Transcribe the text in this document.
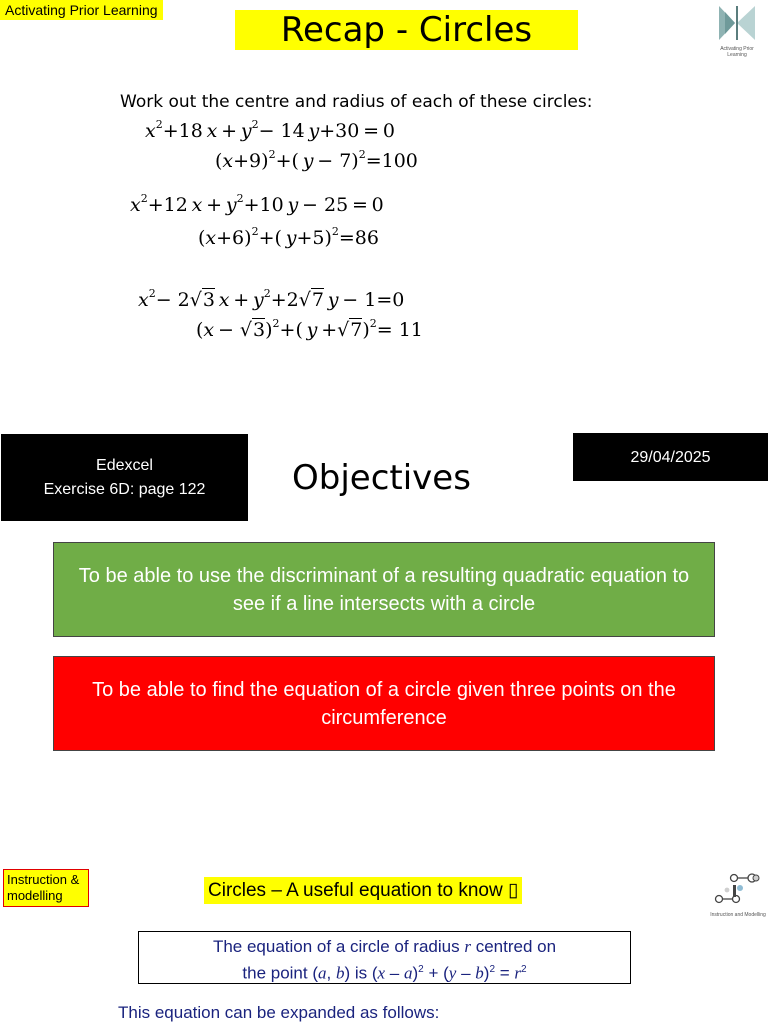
Activating Prior Learning	Recap - Circles	Activating Prior Learning
Work out the centre and radius of each of these circles:
$x^2+18$  $x + y^2- 14$  y+30 = 0
$(x+9)^2+$(  y  − 7)$^2$=100
$x^2+12$  $x + y^2+10$  y  − 25 = 0
$(x+6)^2+$(  y+5)$^2$=86
$x^2- 2√3$  $x + y^2+2√7$  y  − 1=0
$(x - √3)^2+$(  y  +√7)$^2$= 11
Edexcel
Exercise 6D: page 122	Objectives
29/04/2025
To be able to use the discriminant of a resulting quadratic equation to see if a line intersects with a circle
To be able to find the equation of a circle given three points on the circumference
Instruction & modelling	Circles – A useful equation to know ▯
Instruction and Modelling
The equation of a circle of radius r centred on
the point (a, b) is $(x - a)^2 + (y - b)^2 = r^2$
This equation can be expanded as follows:
